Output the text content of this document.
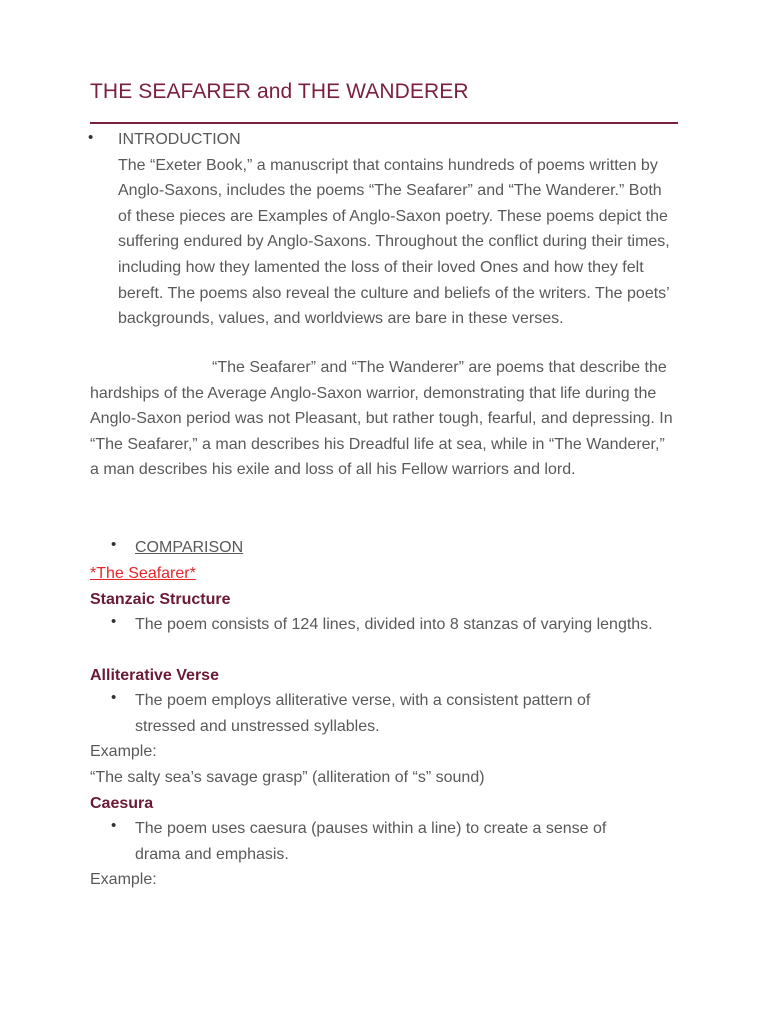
THE SEAFARER and THE WANDERER
• INTRODUCTION

The “Exeter Book,” a manuscript that contains hundreds of poems written by Anglo-Saxons, includes the poems “The Seafarer” and “The Wanderer.” Both of these pieces are Examples of Anglo-Saxon poetry. These poems depict the suffering endured by Anglo-Saxons. Throughout the conflict during their times, including how they lamented the loss of their loved Ones and how they felt bereft. The poems also reveal the culture and beliefs of the writers. The poets’ backgrounds, values, and worldviews are bare in these verses.

“The Seafarer” and “The Wanderer” are poems that describe the hardships of the Average Anglo-Saxon warrior, demonstrating that life during the Anglo-Saxon period was not Pleasant, but rather tough, fearful, and depressing. In “The Seafarer,” a man describes his Dreadful life at sea, while in “The Wanderer,” a man describes his exile and loss of all his Fellow warriors and lord.

• COMPARISON

*The Seafarer*

Stanzaic Structure

• The poem consists of 124 lines, divided into 8 stanzas of varying lengths.

Alliterative Verse

• The poem employs alliterative verse, with a consistent pattern of stressed and unstressed syllables.

Example:

“The salty sea’s savage grasp” (alliteration of “s” sound)

Caesura

• The poem uses caesura (pauses within a line) to create a sense of drama and emphasis.

Example:
